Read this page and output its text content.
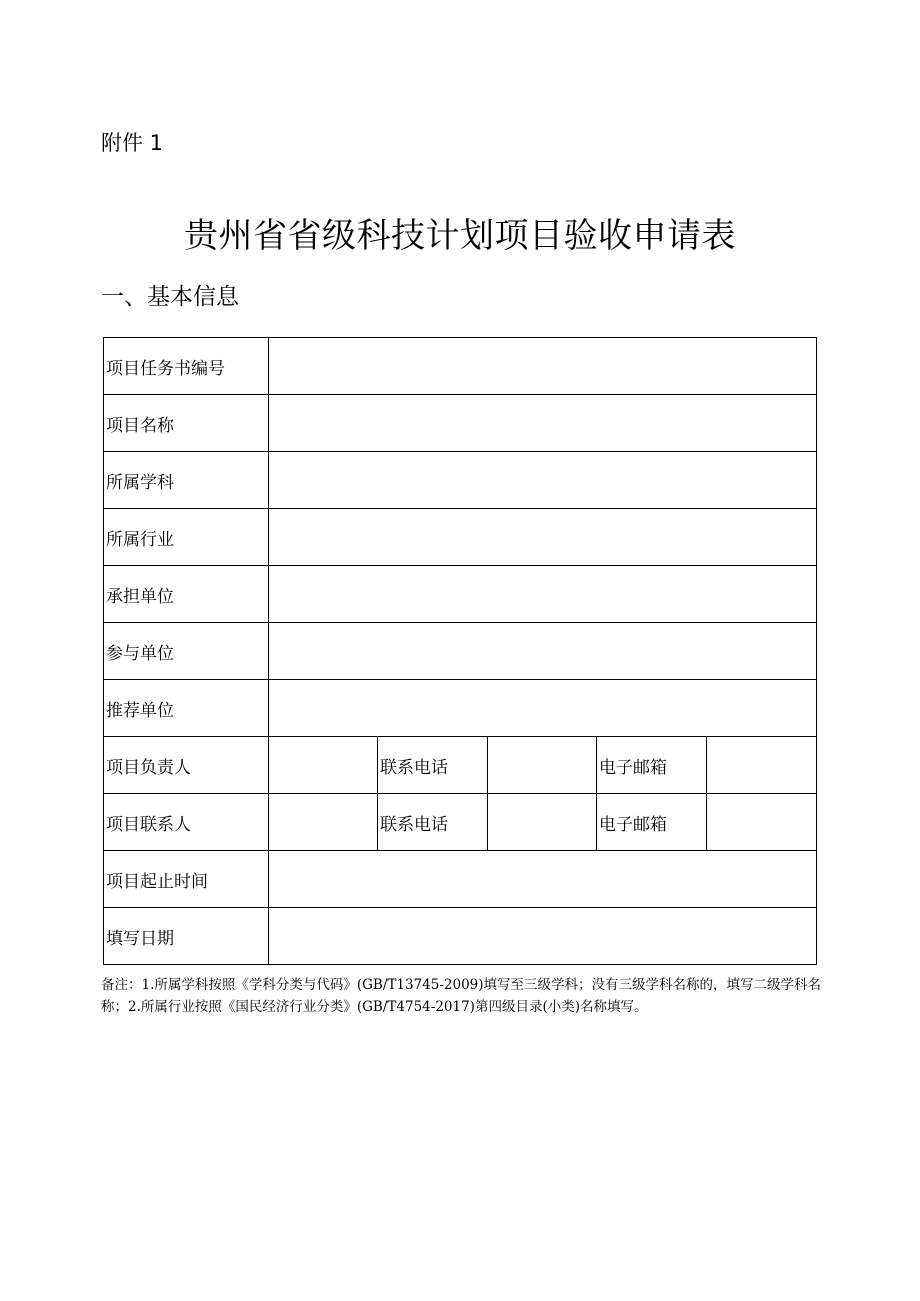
附件 1
贵州省省级科技计划项目验收申请表
一、基本信息
项目任务书编号					
项目名称					
所属学科					
所属行业					
承担单位					
参与单位					
推荐单位					
项目负责人		联系电话		电子邮箱	
项目联系人		联系电话		电子邮箱	
项目起止时间					
填写日期					
备注：1.所属学科按照《学科分类与代码》(GB/T13745-2009)填写至三级学科；没有三级学科名称的，填写二级学科名称；2.所属行业按照《国民经济行业分类》(GB/T4754-2017)第四级目录(小类)名称填写。
